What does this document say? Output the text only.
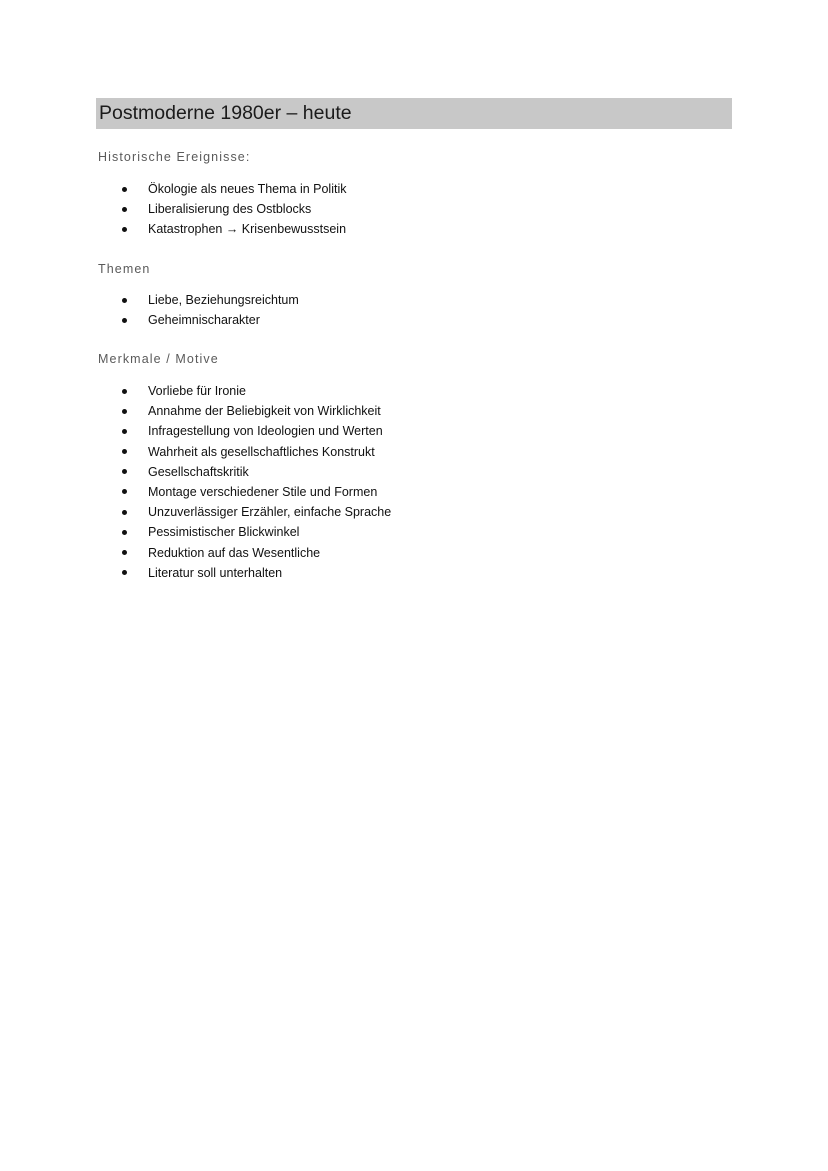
Postmoderne 1980er – heute
Historische Ereignisse:
Ökologie als neues Thema in Politik
Liberalisierung des Ostblocks
Katastrophen → Krisenbewusstsein
Themen
Liebe, Beziehungsreichtum
Geheimnischarakter
Merkmale / Motive
Vorliebe für Ironie
Annahme der Beliebigkeit von Wirklichkeit
Infragestellung von Ideologien und Werten
Wahrheit als gesellschaftliches Konstrukt
Gesellschaftskritik
Montage verschiedener Stile und Formen
Unzuverlässiger Erzähler, einfache Sprache
Pessimistischer Blickwinkel
Reduktion auf das Wesentliche
Literatur soll unterhalten
